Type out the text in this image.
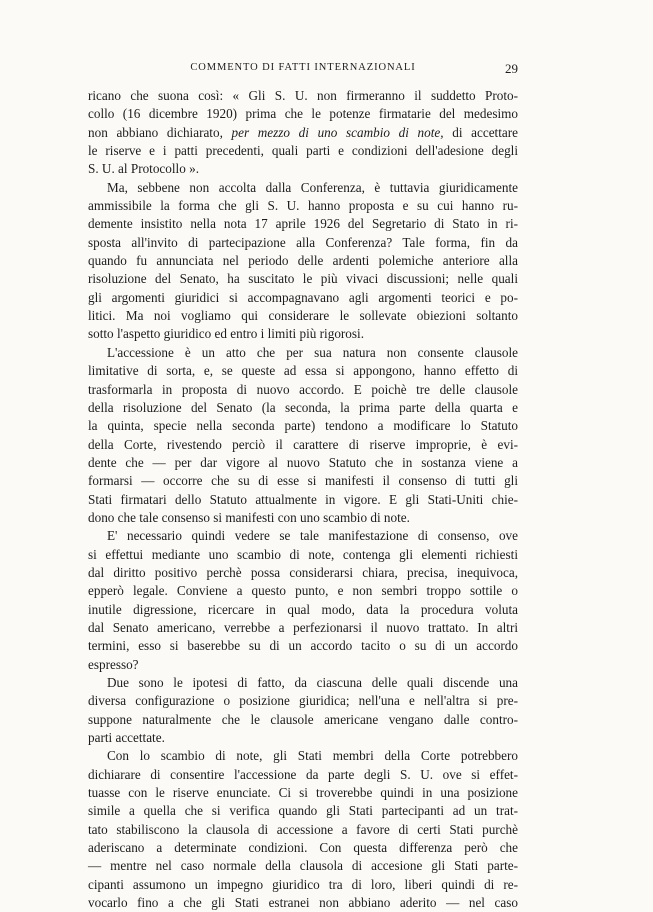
COMMENTO DI FATTI INTERNAZIONALI	29

ricano che suona così: « Gli S. U. non firmeranno il suddetto Proto-
collo (16 dicembre 1920) prima che le potenze firmatarie del medesimo
non abbiano dichiarato, per mezzo di uno scambio di note, di accettare
le riserve e i patti precedenti, quali parti e condizioni dell'adesione degli
S. U. al Protocollo ».

Ma, sebbene non accolta dalla Conferenza, è tuttavia giuridicamente
ammissibile la forma che gli S. U. hanno proposta e su cui hanno ru-
demente insistito nella nota 17 aprile 1926 del Segretario di Stato in ri-
sposta all'invito di partecipazione alla Conferenza? Tale forma, fin da
quando fu annunciata nel periodo delle ardenti polemiche anteriore alla
risoluzione del Senato, ha suscitato le più vivaci discussioni; nelle quali
gli argomenti giuridici si accompagnavano agli argomenti teorici e po-
litici. Ma noi vogliamo qui considerare le sollevate obiezioni soltanto
sotto l'aspetto giuridico ed entro i limiti più rigorosi.

L'accessione è un atto che per sua natura non consente clausole
limitative di sorta, e, se queste ad essa si appongono, hanno effetto di
trasformarla in proposta di nuovo accordo. E poichè tre delle clausole
della risoluzione del Senato (la seconda, la prima parte della quarta e
la quinta, specie nella seconda parte) tendono a modificare lo Statuto
della Corte, rivestendo perciò il carattere di riserve improprie, è evi-
dente che — per dar vigore al nuovo Statuto che in sostanza viene a
formarsi — occorre che su di esse si manifesti il consenso di tutti gli
Stati firmatari dello Statuto attualmente in vigore. E gli Stati-Uniti chie-
dono che tale consenso si manifesti con uno scambio di note.

E' necessario quindi vedere se tale manifestazione di consenso, ove
si effettui mediante uno scambio di note, contenga gli elementi richiesti
dal diritto positivo perchè possa considerarsi chiara, precisa, inequivoca,
epperò legale. Conviene a questo punto, e non sembri troppo sottile o
inutile digressione, ricercare in qual modo, data la procedura voluta
dal Senato americano, verrebbe a perfezionarsi il nuovo trattato. In altri
termini, esso si baserebbe su di un accordo tacito o su di un accordo
espresso?

Due sono le ipotesi di fatto, da ciascuna delle quali discende una
diversa configurazione o posizione giuridica; nell'una e nell'altra si pre-
suppone naturalmente che le clausole americane vengano dalle contro-
parti accettate.

Con lo scambio di note, gli Stati membri della Corte potrebbero
dichiarare di consentire l'accessione da parte degli S. U. ove si effet-
tuasse con le riserve enunciate. Ci si troverebbe quindi in una posizione
simile a quella che si verifica quando gli Stati partecipanti ad un trat-
tato stabiliscono la clausola di accessione a favore di certi Stati purchè
aderiscano a determinate condizioni. Con questa differenza però che
— mentre nel caso normale della clausola di accesione gli Stati parte-
cipanti assumono un impegno giuridico tra di loro, liberi quindi di re-
vocarlo fino a che gli Stati estranei non abbiano aderito — nel caso
